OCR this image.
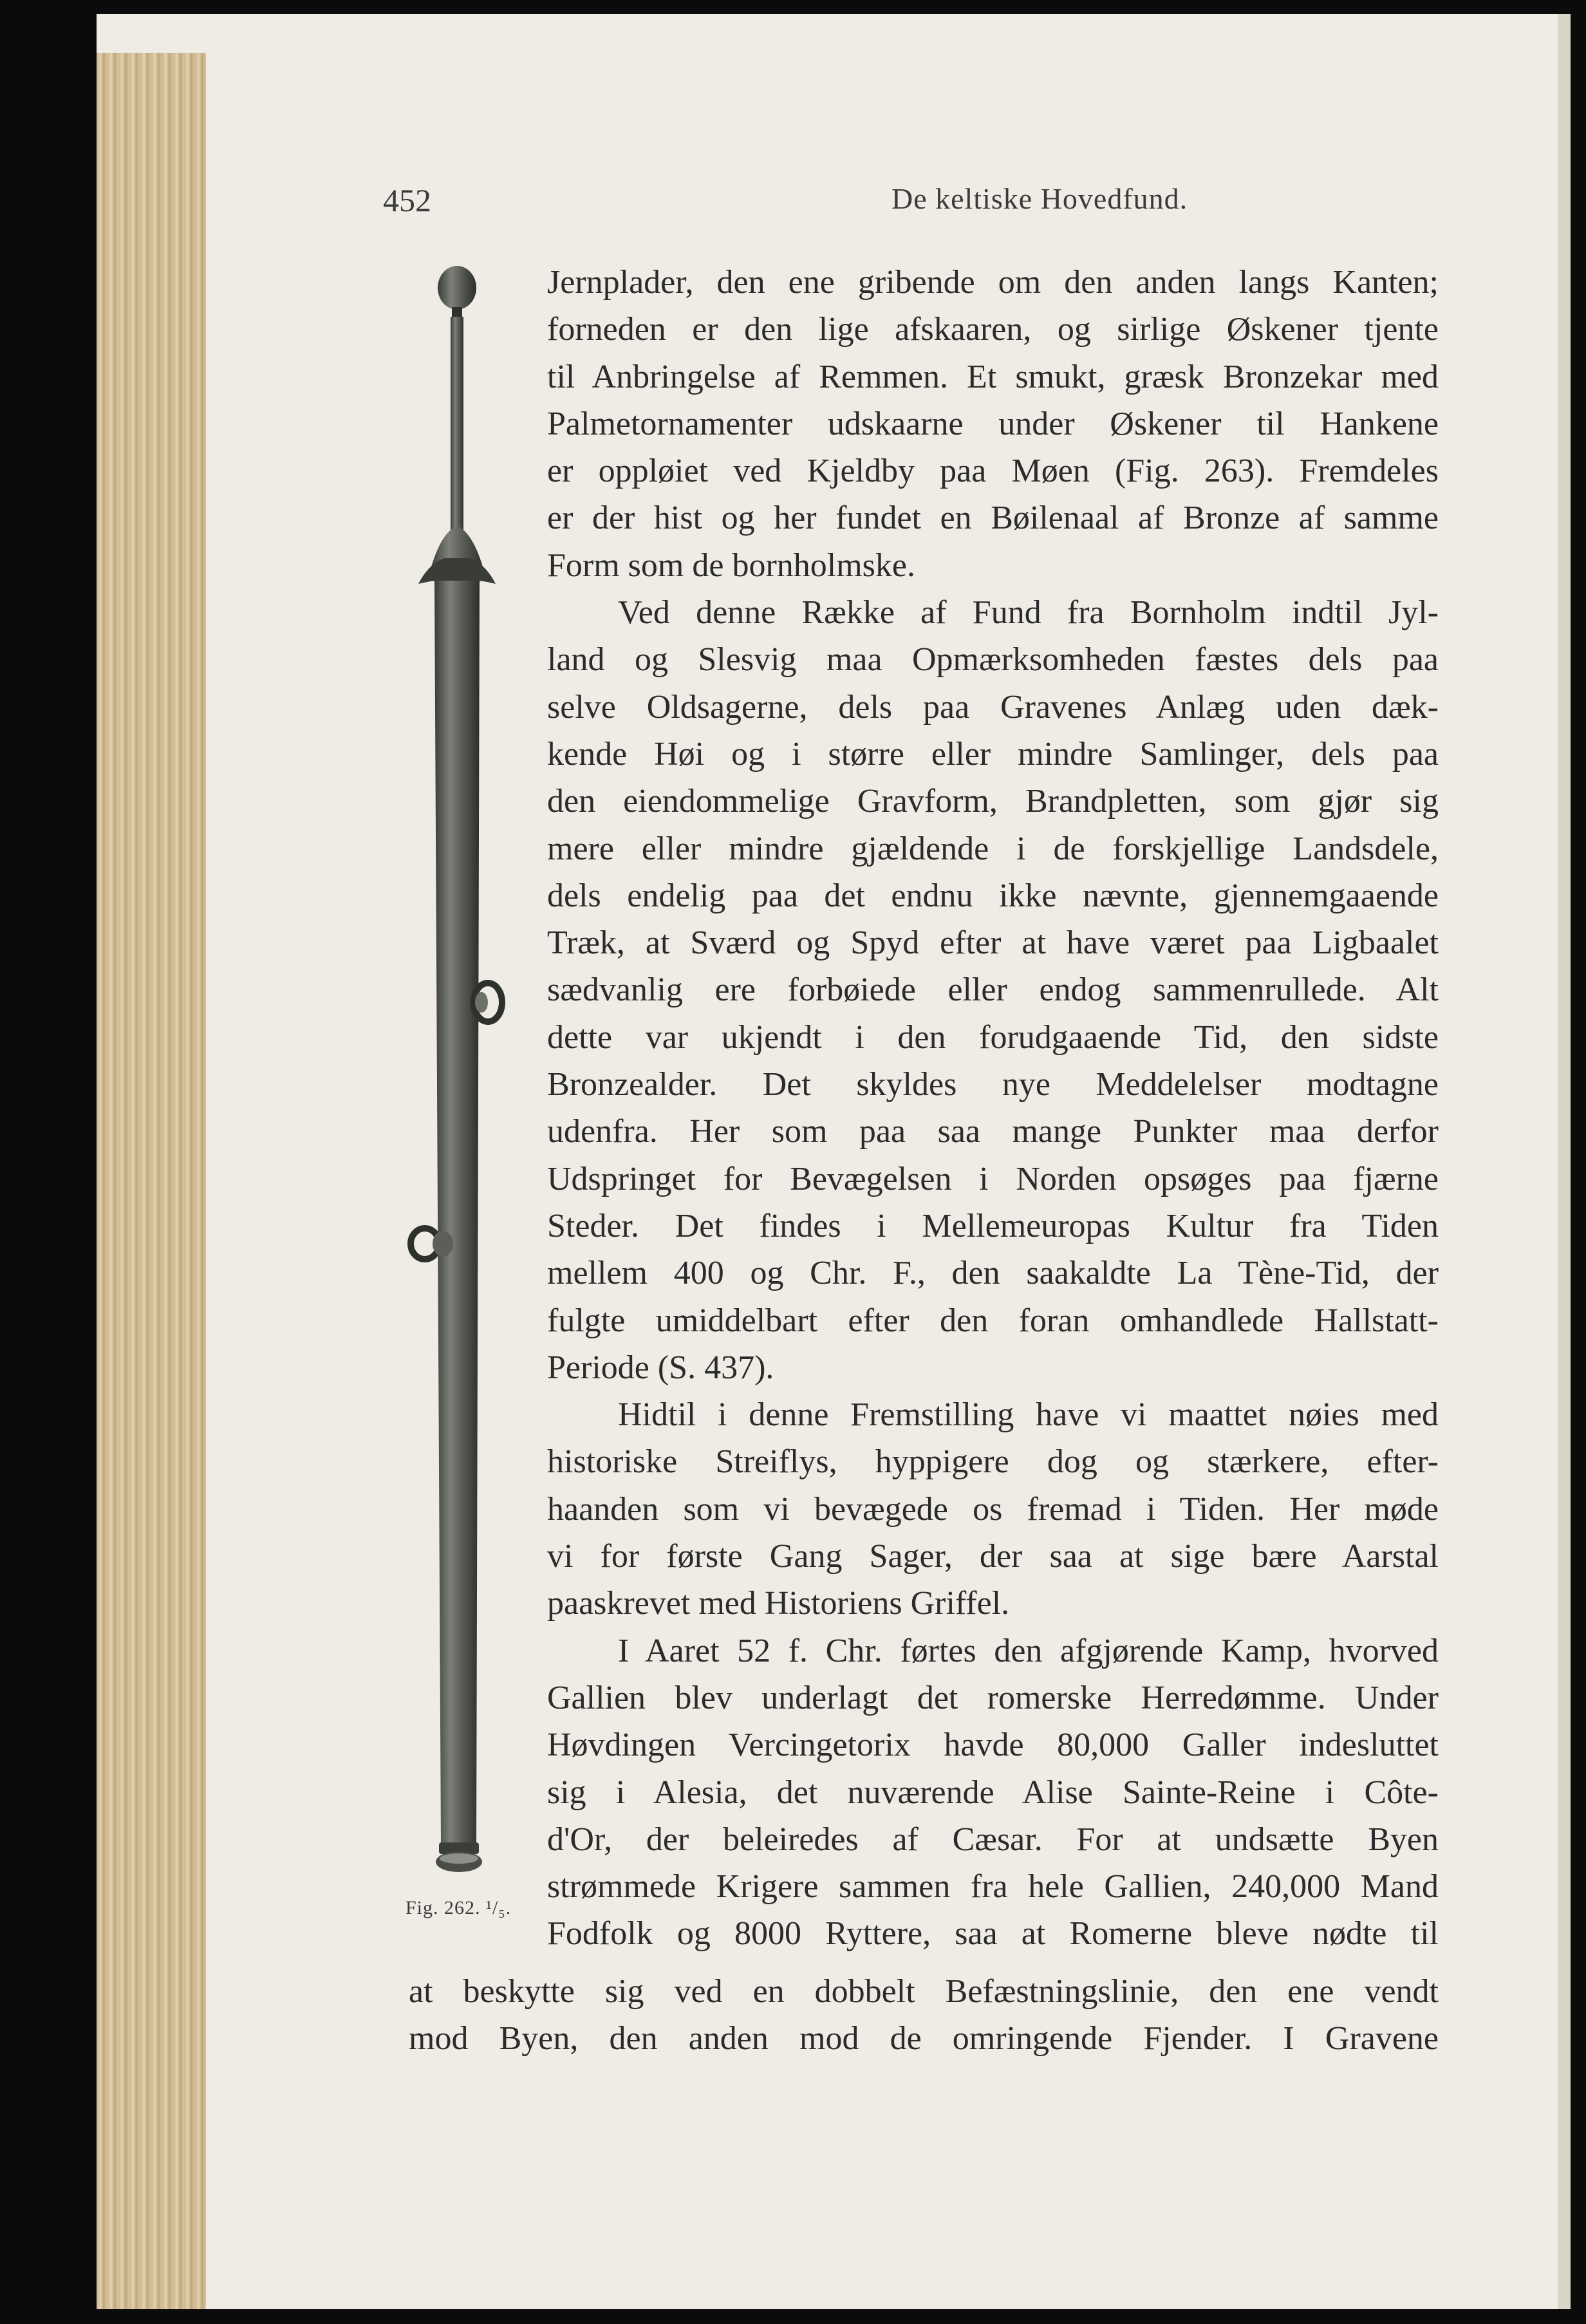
452	De keltiske Hovedfund.
Fig. 262. ¹/₅.
Jernplader, den ene gribende om den anden langs Kanten;
forneden er den lige afskaaren, og sirlige Øskener tjente
til Anbringelse af Remmen. Et smukt, græsk Bronzekar med
Palmetornamenter udskaarne under Øskener til Hankene
er oppløiet ved Kjeldby paa Møen (Fig. 263). Fremdeles
er der hist og her fundet en Bøilenaal af Bronze af samme
Form som de bornholmske.
Ved denne Række af Fund fra Bornholm indtil Jyl-
land og Slesvig maa Opmærksomheden fæstes dels paa
selve Oldsagerne, dels paa Gravenes Anlæg uden dæk-
kende Høi og i større eller mindre Samlinger, dels paa
den eiendommelige Gravform, Brandpletten, som gjør sig
mere eller mindre gjældende i de forskjellige Landsdele,
dels endelig paa det endnu ikke nævnte, gjennemgaaende
Træk, at Sværd og Spyd efter at have været paa Ligbaalet
sædvanlig ere forbøiede eller endog sammenrullede. Alt
dette var ukjendt i den forudgaaende Tid, den sidste
Bronzealder. Det skyldes nye Meddelelser modtagne
udenfra. Her som paa saa mange Punkter maa derfor
Udspringet for Bevægelsen i Norden opsøges paa fjærne
Steder. Det findes i Mellemeuropas Kultur fra Tiden
mellem 400 og Chr. F., den saakaldte La Tène-Tid, der
fulgte umiddelbart efter den foran omhandlede Hallstatt-
Periode (S. 437).
Hidtil i denne Fremstilling have vi maattet nøies med
historiske Streiflys, hyppigere dog og stærkere, efter-
haanden som vi bevægede os fremad i Tiden. Her møde
vi for første Gang Sager, der saa at sige bære Aarstal
paaskrevet med Historiens Griffel.
I Aaret 52 f. Chr. førtes den afgjørende Kamp, hvorved
Gallien blev underlagt det romerske Herredømme. Under
Høvdingen Vercingetorix havde 80,000 Galler indesluttet
sig i Alesia, det nuværende Alise Sainte-Reine i Côte-
d'Or, der beleiredes af Cæsar. For at undsætte Byen
strømmede Krigere sammen fra hele Gallien, 240,000 Mand
Fodfolk og 8000 Ryttere, saa at Romerne bleve nødte til
at beskytte sig ved en dobbelt Befæstningslinie, den ene vendt
mod Byen, den anden mod de omringende Fjender. I Gravene
